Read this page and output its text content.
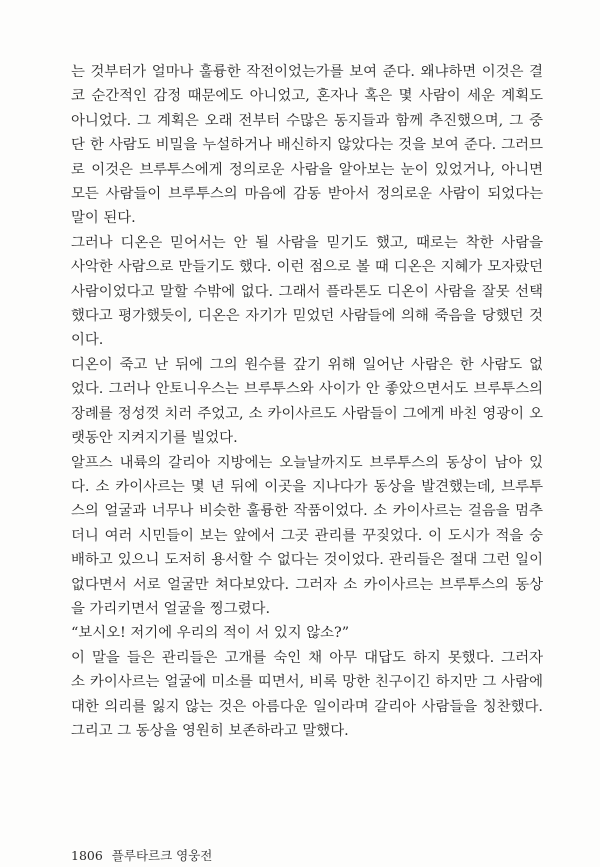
는 것부터가 얼마나 훌륭한 작전이었는가를 보여 준다. 왜냐하면 이것은 결

코 순간적인 감정 때문에도 아니었고, 혼자나 혹은 몇 사람이 세운 계획도

아니었다. 그 계획은 오래 전부터 수많은 동지들과 함께 추진했으며, 그 중

단 한 사람도 비밀을 누설하거나 배신하지 않았다는 것을 보여 준다. 그러므

로 이것은 브루투스에게 정의로운 사람을 알아보는 눈이 있었거나, 아니면

모든 사람들이 브루투스의 마음에 감동 받아서 정의로운 사람이 되었다는

말이 된다.

그러나 디온은 믿어서는 안 될 사람을 믿기도 했고, 때로는 착한 사람을

사악한 사람으로 만들기도 했다. 이런 점으로 볼 때 디온은 지혜가 모자랐던

사람이었다고 말할 수밖에 없다. 그래서 플라톤도 디온이 사람을 잘못 선택

했다고 평가했듯이, 디온은 자기가 믿었던 사람들에 의해 죽음을 당했던 것

이다.

디온이 죽고 난 뒤에 그의 원수를 갚기 위해 일어난 사람은 한 사람도 없

었다. 그러나 안토니우스는 브루투스와 사이가 안 좋았으면서도 브루투스의

장례를 정성껏 치러 주었고, 소 카이사르도 사람들이 그에게 바친 영광이 오

랫동안 지켜지기를 빌었다.

알프스 내륙의 갈리아 지방에는 오늘날까지도 브루투스의 동상이 남아 있

다. 소 카이사르는 몇 년 뒤에 이곳을 지나다가 동상을 발견했는데, 브루투

스의 얼굴과 너무나 비슷한 훌륭한 작품이었다. 소 카이사르는 걸음을 멈추

더니 여러 시민들이 보는 앞에서 그곳 관리를 꾸짖었다. 이 도시가 적을 숭

배하고 있으니 도저히 용서할 수 없다는 것이었다. 관리들은 절대 그런 일이

없다면서 서로 얼굴만 쳐다보았다. 그러자 소 카이사르는 브루투스의 동상

을 가리키면서 얼굴을 찡그렸다.

“보시오! 저기에 우리의 적이 서 있지 않소?”

이 말을 들은 관리들은 고개를 숙인 채 아무 대답도 하지 못했다. 그러자

소 카이사르는 얼굴에 미소를 띠면서, 비록 망한 친구이긴 하지만 그 사람에

대한 의리를 잃지 않는 것은 아름다운 일이라며 갈리아 사람들을 칭찬했다.

그리고 그 동상을 영원히 보존하라고 말했다.

1806 플루타르크 영웅전
